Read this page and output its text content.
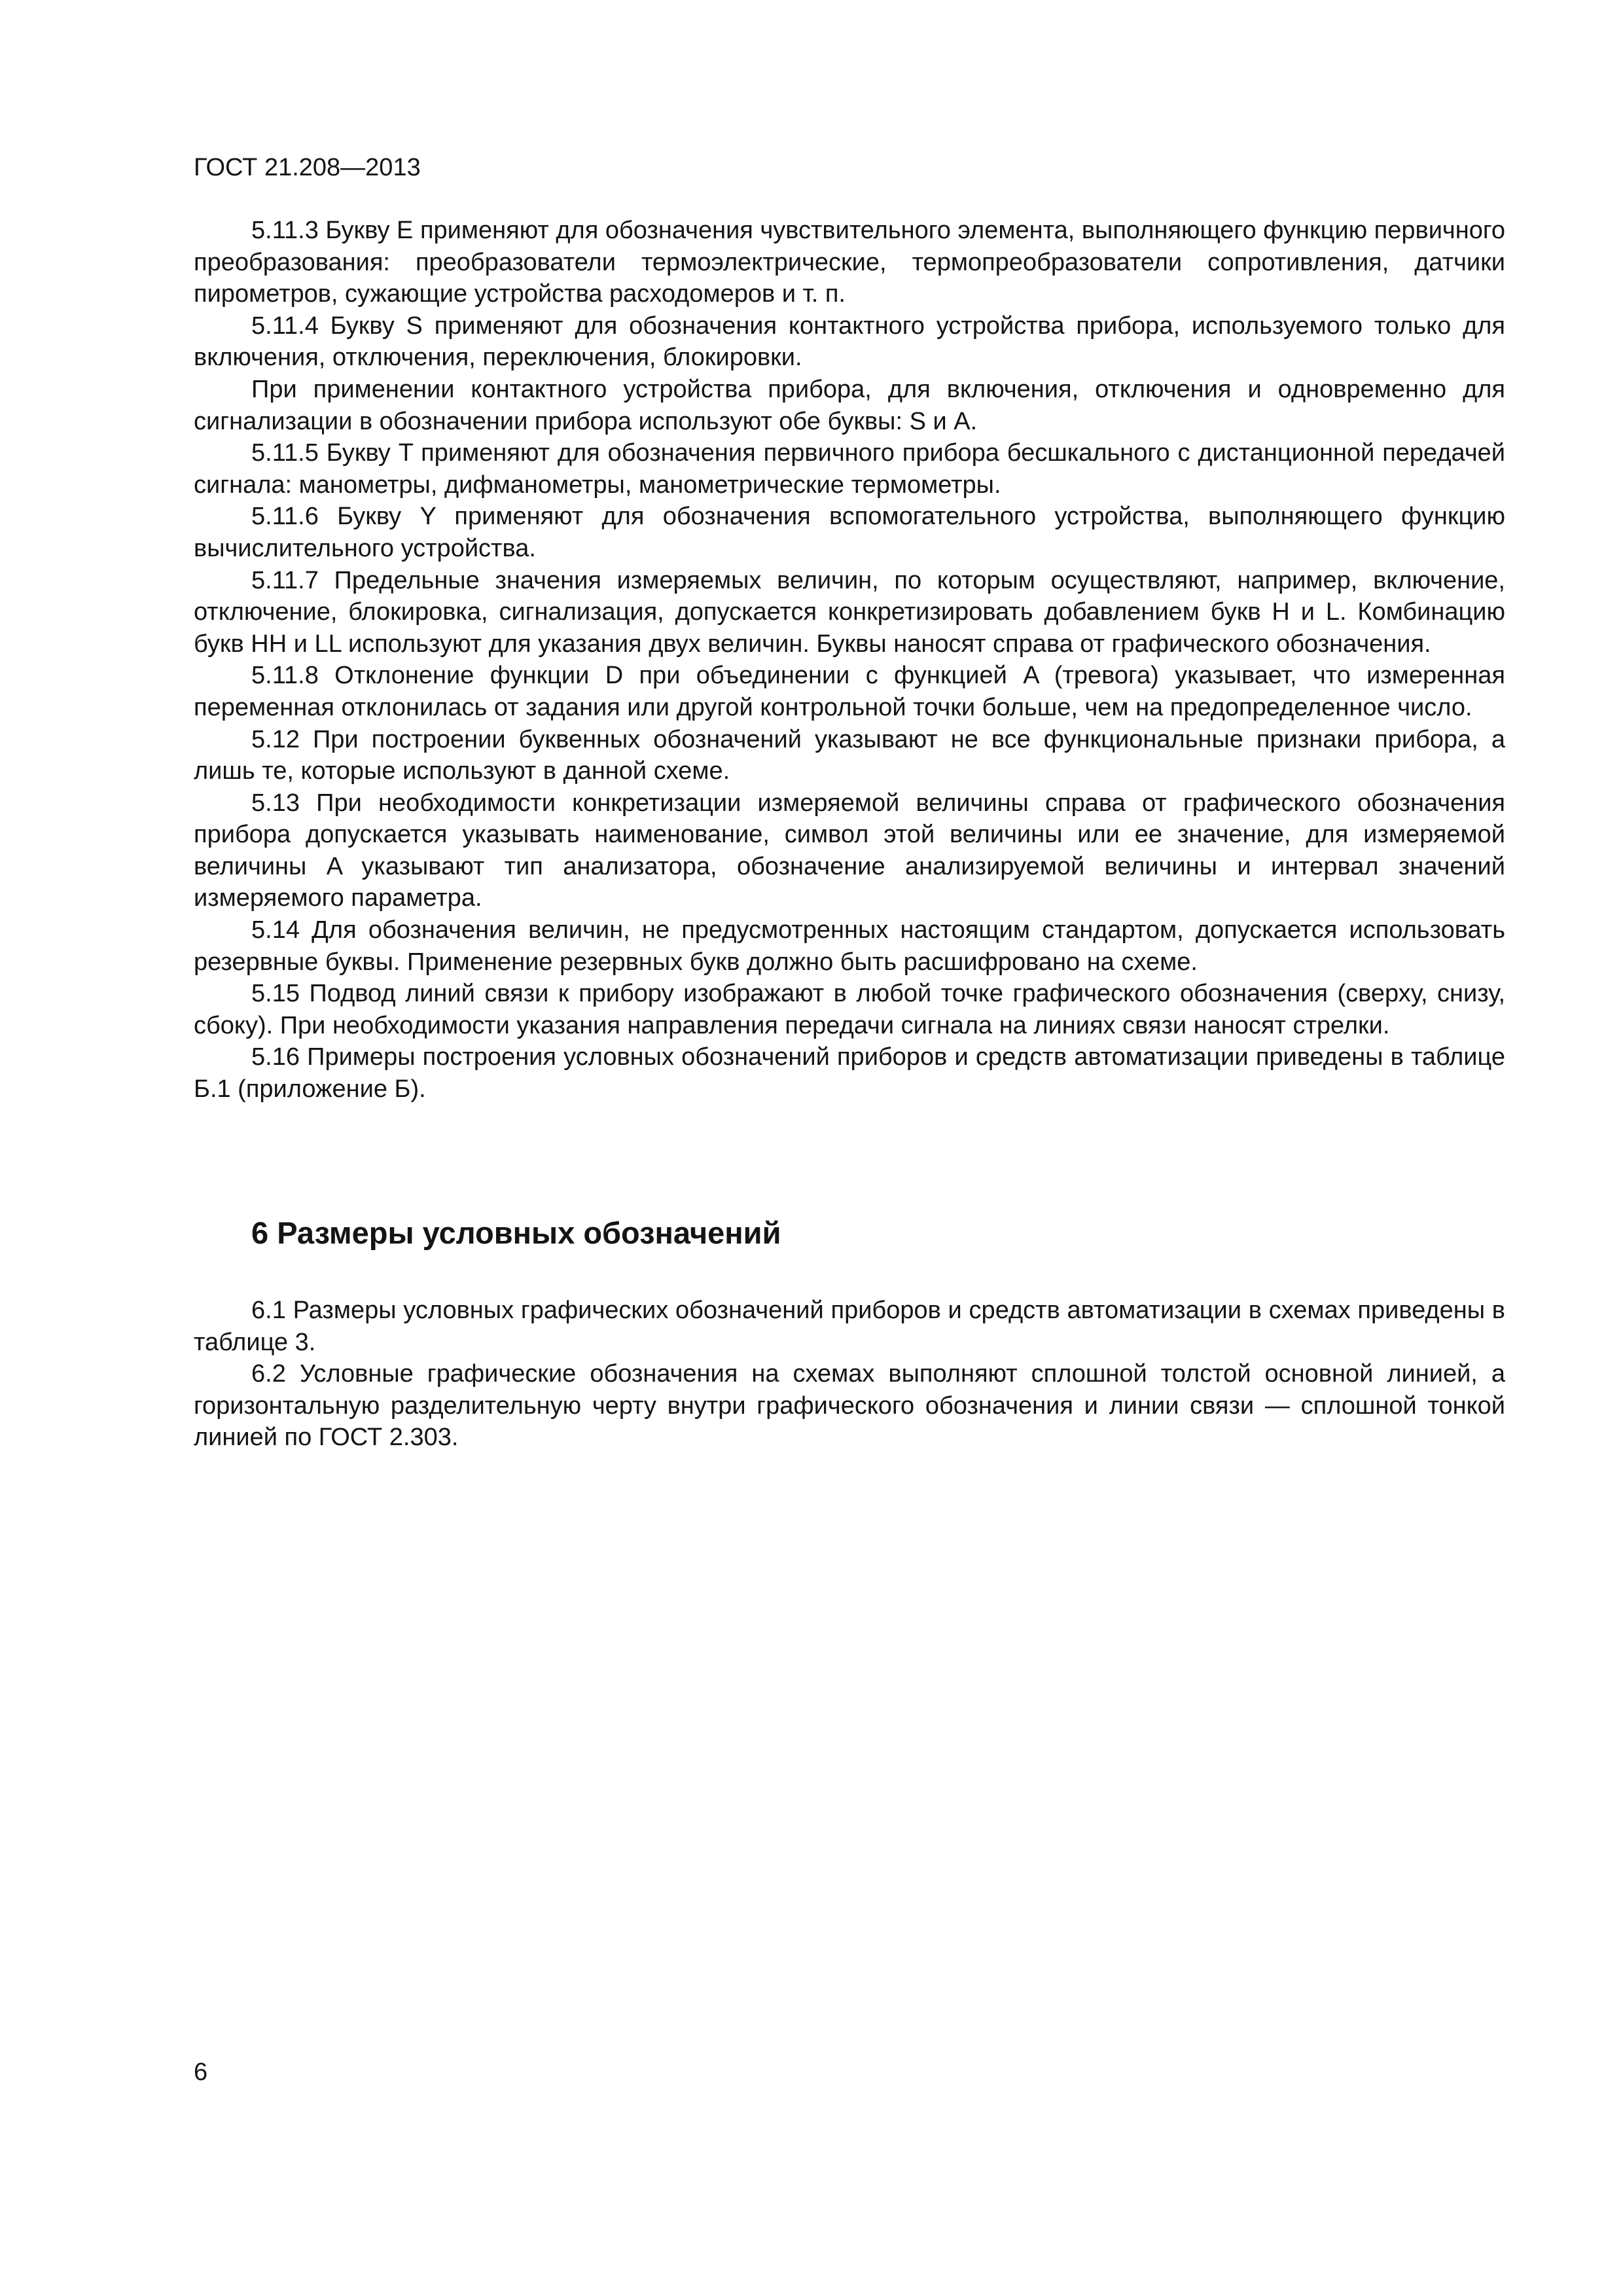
ГОСТ 21.208—2013

5.11.3 Букву E применяют для обозначения чувствительного элемента, выполняющего функцию первичного преобразования: преобразователи термоэлектрические, термопреобразователи сопротивления, датчики пирометров, сужающие устройства расходомеров и т. п.

5.11.4 Букву S применяют для обозначения контактного устройства прибора, используемого только для включения, отключения, переключения, блокировки.

При применении контактного устройства прибора, для включения, отключения и одновременно для сигнализации в обозначении прибора используют обе буквы: S и A.

5.11.5 Букву T применяют для обозначения первичного прибора бесшкального с дистанционной передачей сигнала: манометры, дифманометры, манометрические термометры.

5.11.6 Букву Y применяют для обозначения вспомогательного устройства, выполняющего функцию вычислительного устройства.

5.11.7 Предельные значения измеряемых величин, по которым осуществляют, например, включение, отключение, блокировка, сигнализация, допускается конкретизировать добавлением букв H и L. Комбинацию букв HH и LL используют для указания двух величин. Буквы наносят справа от графического обозначения.

5.11.8 Отклонение функции D при объединении с функцией A (тревога) указывает, что измеренная переменная отклонилась от задания или другой контрольной точки больше, чем на предопределенное число.

5.12 При построении буквенных обозначений указывают не все функциональные признаки прибора, а лишь те, которые используют в данной схеме.

5.13 При необходимости конкретизации измеряемой величины справа от графического обозначения прибора допускается указывать наименование, символ этой величины или ее значение, для измеряемой величины A указывают тип анализатора, обозначение анализируемой величины и интервал значений измеряемого параметра.

5.14 Для обозначения величин, не предусмотренных настоящим стандартом, допускается использовать резервные буквы. Применение резервных букв должно быть расшифровано на схеме.

5.15 Подвод линий связи к прибору изображают в любой точке графического обозначения (сверху, снизу, сбоку). При необходимости указания направления передачи сигнала на линиях связи наносят стрелки.

5.16 Примеры построения условных обозначений приборов и средств автоматизации приведены в таблице Б.1 (приложение Б).

6 Размеры условных обозначений

6.1 Размеры условных графических обозначений приборов и средств автоматизации в схемах приведены в таблице 3.

6.2 Условные графические обозначения на схемах выполняют сплошной толстой основной линией, а горизонтальную разделительную черту внутри графического обозначения и линии связи — сплошной тонкой линией по ГОСТ 2.303.

6
